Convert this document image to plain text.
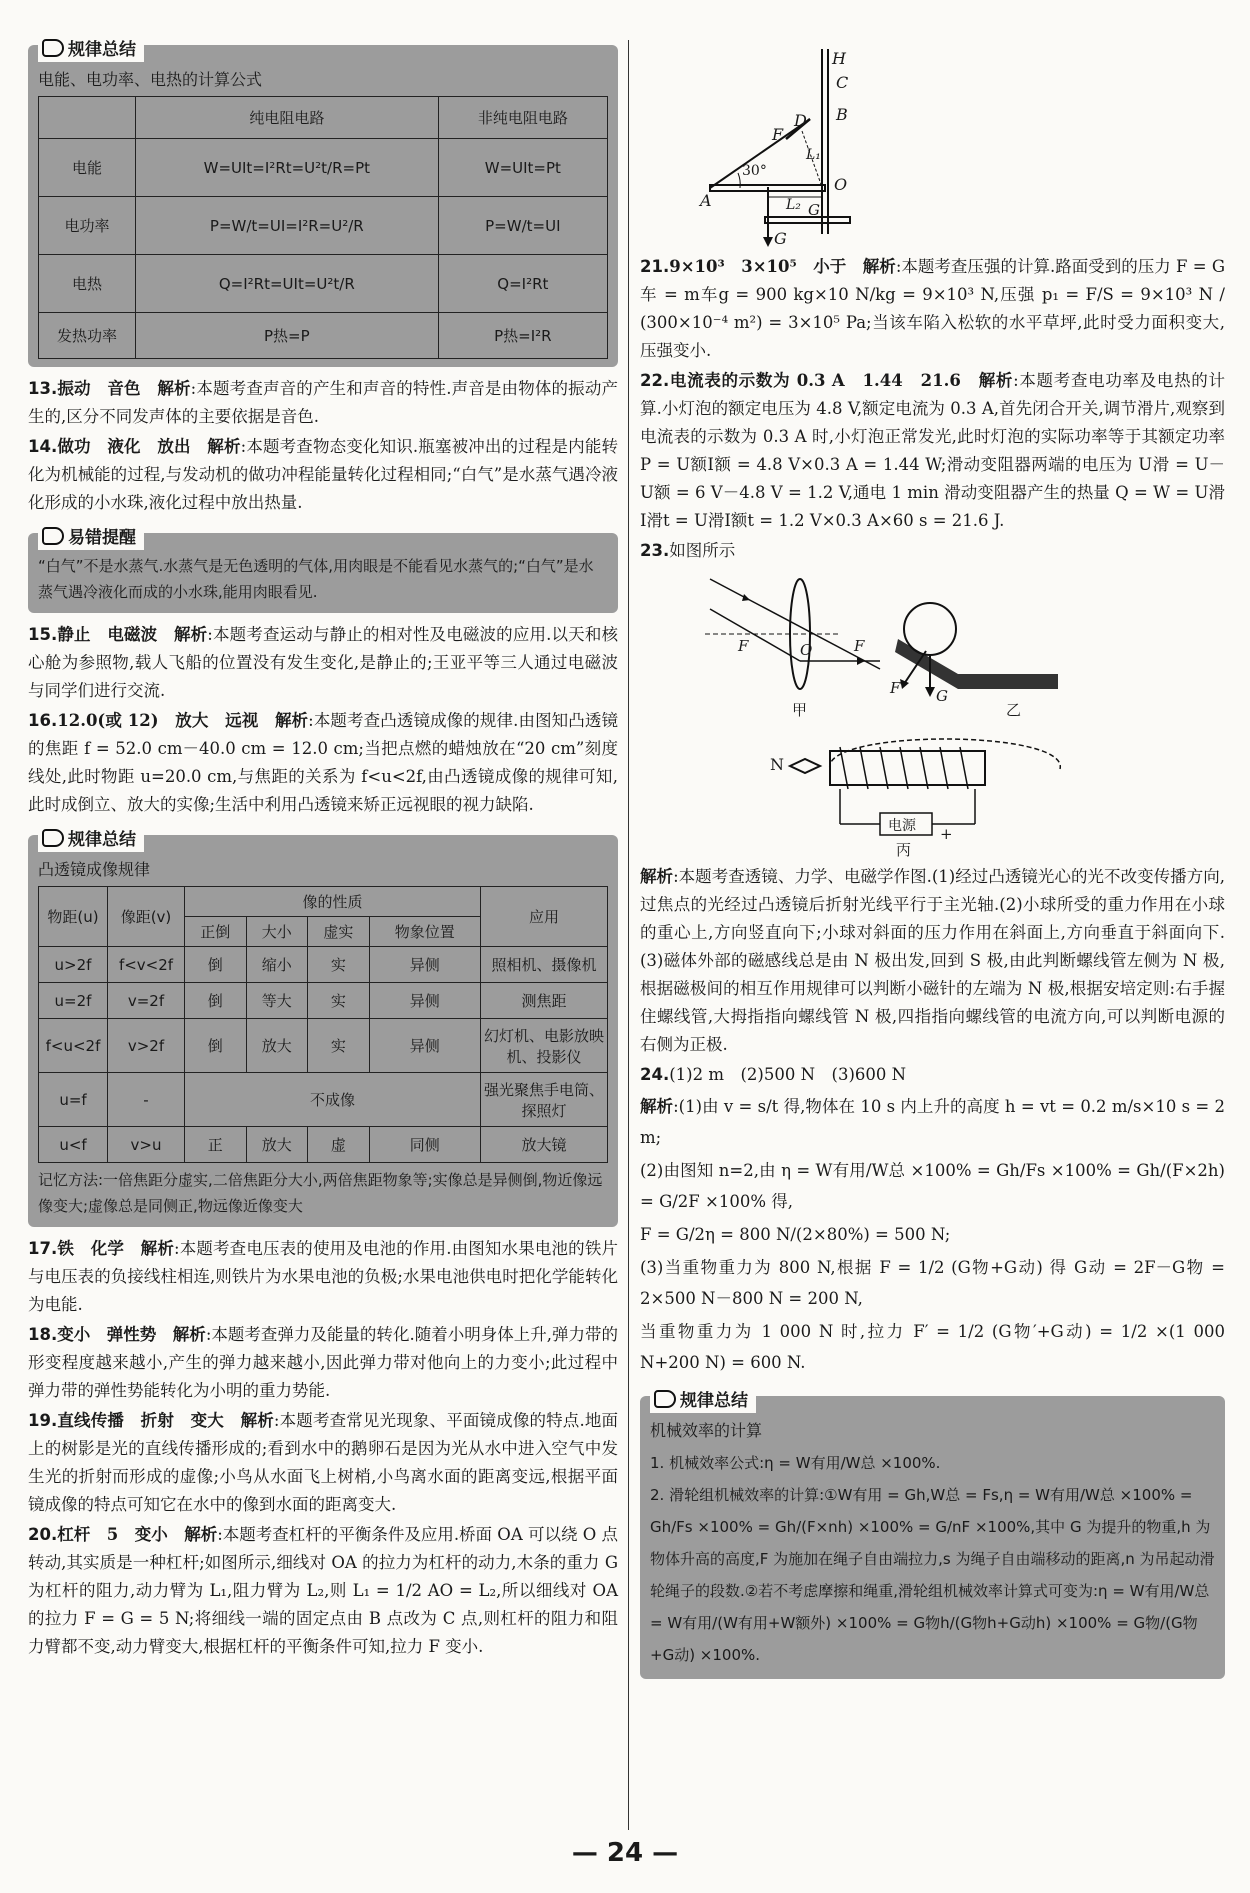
规律总结
电能、电功率、电热的计算公式
	纯电阻电路	非纯电阻电路
电能	W=UIt=I²Rt=U²t/R=Pt	W=UIt=Pt
电功率	P=W/t=UI=I²R=U²/R	P=W/t=UI
电热	Q=I²Rt=UIt=U²t/R	Q=I²Rt
发热功率	P热=P	P热=I²R

13.振动　音色　 解析:本题考查声音的产生和声音的特性.声音是由物体的振动产生的,区分不同发声体的主要依据是音色.

14.做功　液化　放出　 解析:本题考查物态变化知识.瓶塞被冲出的过程是内能转化为机械能的过程,与发动机的做功冲程能量转化过程相同;“白气”是水蒸气遇冷液化形成的小水珠,液化过程中放出热量.

易错提醒
“白气”不是水蒸气.水蒸气是无色透明的气体,用肉眼是不能看见水蒸气的;“白气”是水蒸气遇冷液化而成的小水珠,能用肉眼看见.

15.静止　电磁波　 解析:本题考查运动与静止的相对性及电磁波的应用.以天和核心舱为参照物,载人飞船的位置没有发生变化,是静止的;王亚平等三人通过电磁波与同学们进行交流.

16.12.0(或 12)　放大　远视　 解析:本题考查凸透镜成像的规律.由图知凸透镜的焦距 f = 52.0 cm－40.0 cm = 12.0 cm;当把点燃的蜡烛放在“20 cm”刻度线处,此时物距 u=20.0 cm,与焦距的关系为 f<u<2f,由凸透镜成像的规律可知,此时成倒立、放大的实像;生活中利用凸透镜来矫正远视眼的视力缺陷.

规律总结
凸透镜成像规律
物距(u)	像距(v)	像的性质				应用
		正倒	大小	虚实	物象位置	
u>2f	f<v<2f	倒	缩小	实	异侧	照相机、摄像机
u=2f	v=2f	倒	等大	实	异侧	测焦距
f<u<2f	v>2f	倒	放大	实	异侧	幻灯机、电影放映机、投影仪
u=f	-	不成像				强光聚焦手电筒、探照灯
u<f	v>u	正	放大	虚	同侧	放大镜
记忆方法:一倍焦距分虚实,二倍焦距分大小,两倍焦距物象等;实像总是异侧倒,物近像远像变大;虚像总是同侧正,物远像近像变大

17.铁　化学　 解析:本题考查电压表的使用及电池的作用.由图知水果电池的铁片与电压表的负接线柱相连,则铁片为水果电池的负极;水果电池供电时把化学能转化为电能.

18.变小　弹性势　 解析:本题考查弹力及能量的转化.随着小明身体上升,弹力带的形变程度越来越小,产生的弹力越来越小,因此弹力带对他向上的力变小;此过程中弹力带的弹性势能转化为小明的重力势能.

19.直线传播　折射　变大　 解析:本题考查常见光现象、平面镜成像的特点.地面上的树影是光的直线传播形成的;看到水中的鹅卵石是因为光从水中进入空气中发生光的折射而形成的虚像;小鸟从水面飞上树梢,小鸟离水面的距离变远,根据平面镜成像的特点可知它在水中的像到水面的距离变大.

20.杠杆　5　变小　 解析:本题考查杠杆的平衡条件及应用.桥面 OA 可以绕 O 点转动,其实质是一种杠杆;如图所示,细线对 OA 的拉力为杠杆的动力,木条的重力 G 为杠杆的阻力,动力臂为 L₁,阻力臂为 L₂,则 L₁ = 1/2 AO = L₂,所以细线对 OA 的拉力 F = G = 5 N;将细线一端的固定点由 B 点改为 C 点,则杠杆的阻力和阻力臂都不变,动力臂变大,根据杠杆的平衡条件可知,拉力 F 变小.

H
C
B
D
F
L₁
A
30°
O
L₂ G
G

21.9×10³　3×10⁵　小于　 解析:本题考查压强的计算.路面受到的压力 F = G车 = m车g = 900 kg×10 N/kg = 9×10³ N,压强 p₁ = F/S = 9×10³ N / (300×10⁻⁴ m²) = 3×10⁵ Pa;当该车陷入松软的水平草坪,此时受力面积变大,压强变小.

22.电流表的示数为 0.3 A　1.44　21.6　 解析:本题考查电功率及电热的计算.小灯泡的额定电压为 4.8 V,额定电流为 0.3 A,首先闭合开关,调节滑片,观察到电流表的示数为 0.3 A 时,小灯泡正常发光,此时灯泡的实际功率等于其额定功率 P = U额I额 = 4.8 V×0.3 A = 1.44 W;滑动变阻器两端的电压为 U滑 = U－U额 = 6 V－4.8 V = 1.2 V,通电 1 min 滑动变阻器产生的热量 Q = W = U滑I滑t = U滑I额t = 1.2 V×0.3 A×60 s = 21.6 J.

23.如图所示

F	O	F
甲
F G
乙
N
电源 +
丙

解析:本题考查透镜、力学、电磁学作图.(1)经过凸透镜光心的光不改变传播方向,过焦点的光经过凸透镜后折射光线平行于主光轴.(2)小球所受的重力作用在小球的重心上,方向竖直向下;小球对斜面的压力作用在斜面上,方向垂直于斜面向下.(3)磁体外部的磁感线总是由 N 极出发,回到 S 极,由此判断螺线管左侧为 N 极,根据磁极间的相互作用规律可以判断小磁针的左端为 N 极,根据安培定则:右手握住螺线管,大拇指指向螺线管 N 极,四指指向螺线管的电流方向,可以判断电源的右侧为正极.

24.(1)2 m　(2)500 N　(3)600 N

解析:(1)由 v = s/t 得,物体在 10 s 内上升的高度 h = vt = 0.2 m/s×10 s = 2 m;

(2)由图知 n=2,由 η = W有用/W总 ×100% = Gh/Fs ×100% = Gh/(F×2h) = G/2F ×100% 得,

F = G/2η = 800 N/(2×80%) = 500 N;

(3)当重物重力为 800 N,根据 F = 1/2 (G物+G动) 得 G动 = 2F－G物 = 2×500 N－800 N = 200 N,

当重物重力为 1 000 N 时,拉力 F′ = 1/2 (G物′+G动) = 1/2 ×(1 000 N+200 N) = 600 N.

规律总结
机械效率的计算
1. 机械效率公式:η = W有用/W总 ×100%.
2. 滑轮组机械效率的计算:①W有用 = Gh,W总 = Fs,η = W有用/W总 ×100% = Gh/Fs ×100% = Gh/(F×nh) ×100% = G/nF ×100%,其中 G 为提升的物重,h 为物体升高的高度,F 为施加在绳子自由端拉力,s 为绳子自由端移动的距离,n 为吊起动滑轮绳子的段数.②若不考虑摩擦和绳重,滑轮组机械效率计算式可变为:η = W有用/W总 = W有用/(W有用+W额外) ×100% = G物h/(G物h+G动h) ×100% = G物/(G物+G动) ×100%.
— 24 —
